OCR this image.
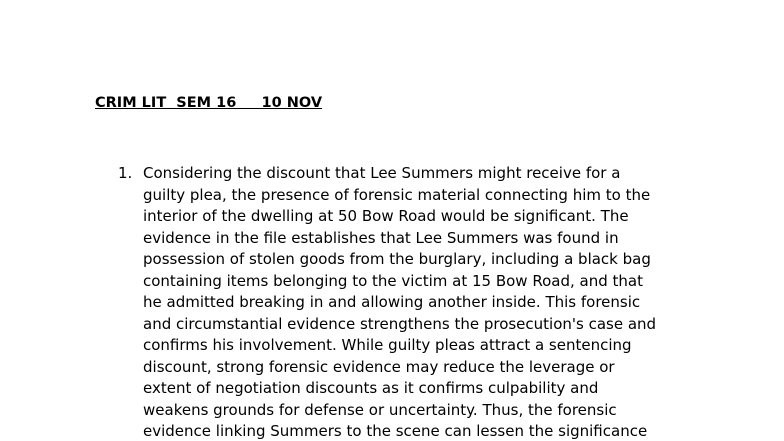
CRIM LIT  SEM 16     10 NOV
1. Considering the discount that Lee Summers might receive for a
guilty plea, the presence of forensic material connecting him to the
interior of the dwelling at 50 Bow Road would be significant. The
evidence in the file establishes that Lee Summers was found in
possession of stolen goods from the burglary, including a black bag
containing items belonging to the victim at 15 Bow Road, and that
he admitted breaking in and allowing another inside. This forensic
and circumstantial evidence strengthens the prosecution's case and
confirms his involvement. While guilty pleas attract a sentencing
discount, strong forensic evidence may reduce the leverage or
extent of negotiation discounts as it confirms culpability and
weakens grounds for defense or uncertainty. Thus, the forensic
evidence linking Summers to the scene can lessen the significance
